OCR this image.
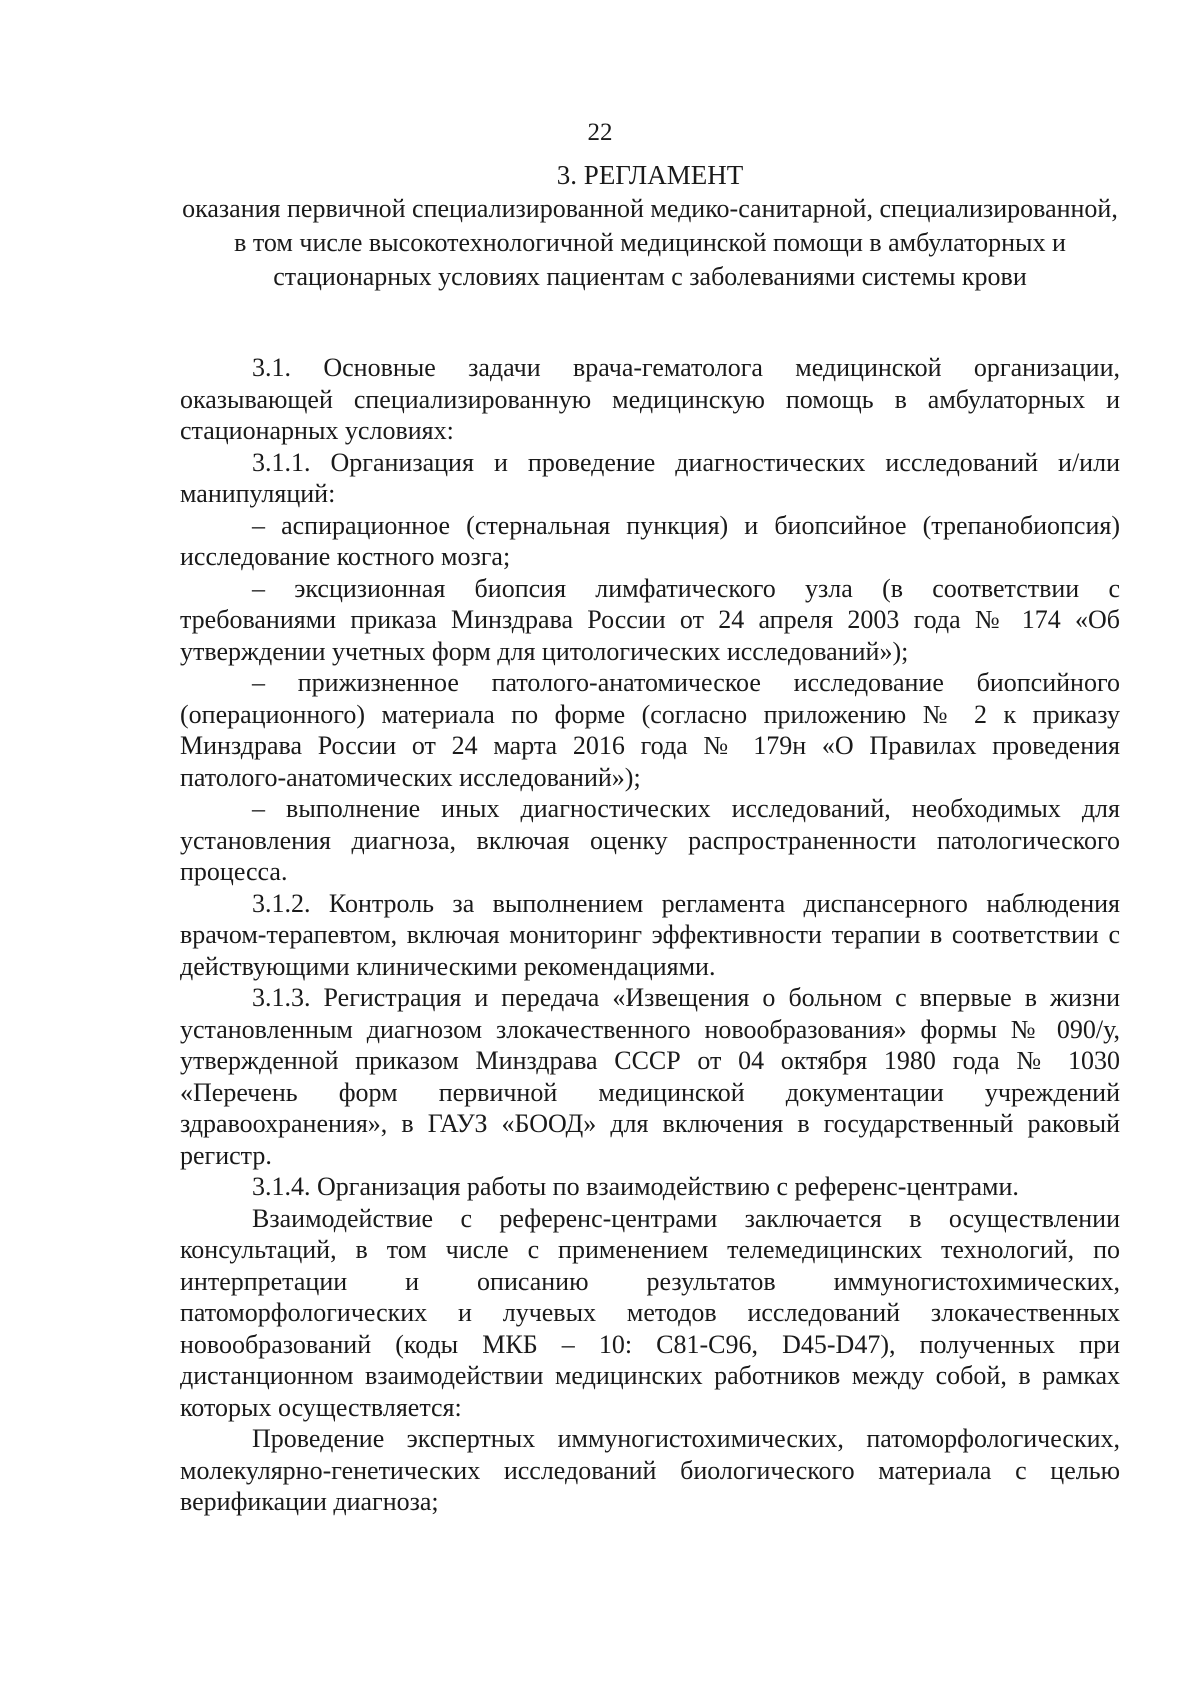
22
3. РЕГЛАМЕНТ
оказания первичной специализированной медико-санитарной, специализированной, в том числе высокотехнологичной медицинской помощи в амбулаторных и стационарных условиях пациентам с заболеваниями системы крови

3.1. Основные задачи врача-гематолога медицинской организации, оказывающей специализированную медицинскую помощь в амбулаторных и стационарных условиях:

3.1.1. Организация и проведение диагностических исследований и/или манипуляций:

– аспирационное (стернальная пункция) и биопсийное (трепанобиопсия) исследование костного мозга;

– эксцизионная биопсия лимфатического узла (в соответствии с требованиями приказа Минздрава России от 24 апреля 2003 года № 174 «Об утверждении учетных форм для цитологических исследований»);

– прижизненное патолого-анатомическое исследование биопсийного (операционного) материала по форме (согласно приложению № 2 к приказу Минздрава России от 24 марта 2016 года № 179н «О Правилах проведения патолого-анатомических исследований»);

– выполнение иных диагностических исследований, необходимых для установления диагноза, включая оценку распространенности патологического процесса.

3.1.2. Контроль за выполнением регламента диспансерного наблюдения врачом-терапевтом, включая мониторинг эффективности терапии в соответствии с действующими клиническими рекомендациями.

3.1.3. Регистрация и передача «Извещения о больном с впервые в жизни установленным диагнозом злокачественного новообразования» формы № 090/у, утвержденной приказом Минздрава СССР от 04 октября 1980 года № 1030 «Перечень форм первичной медицинской документации учреждений здравоохранения», в ГАУЗ «БООД» для включения в государственный раковый регистр.

3.1.4. Организация работы по взаимодействию с референс-центрами.

Взаимодействие с референс-центрами заключается в осуществлении консультаций, в том числе с применением телемедицинских технологий, по интерпретации и описанию результатов иммуногистохимических, патоморфологических и лучевых методов исследований злокачественных новообразований (коды МКБ – 10: С81-С96, D45-D47), полученных при дистанционном взаимодействии медицинских работников между собой, в рамках которых осуществляется:

Проведение экспертных иммуногистохимических, патоморфологических, молекулярно-генетических исследований биологического материала с целью верификации диагноза;
